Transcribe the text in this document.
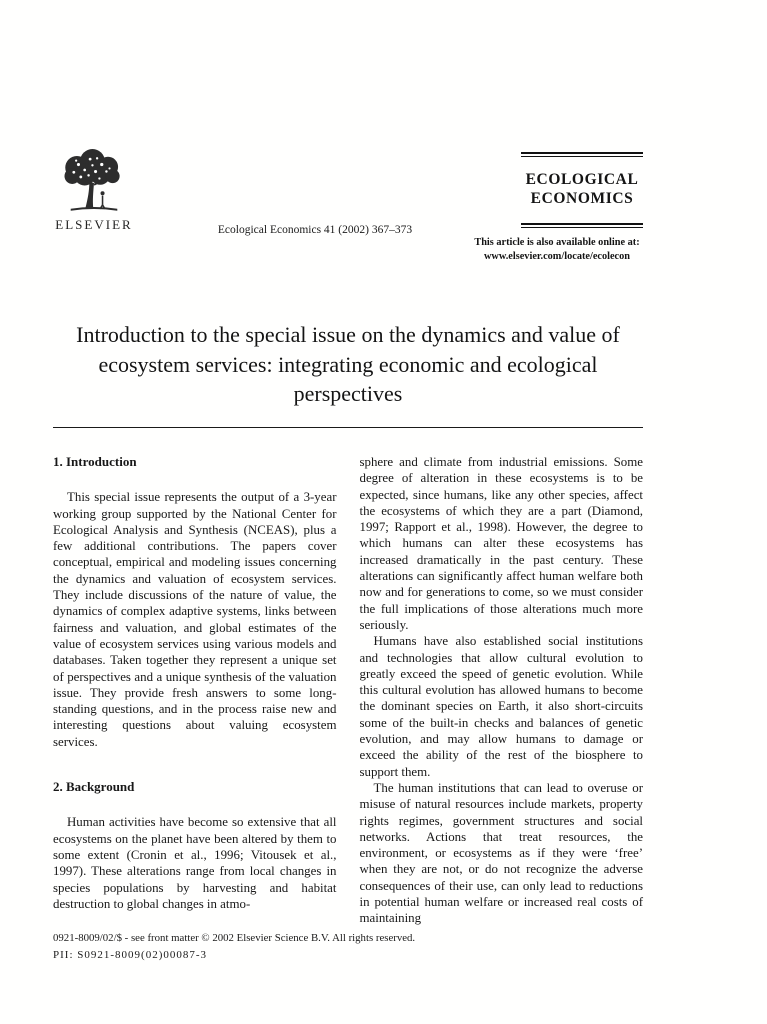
ELSEVIER	Ecological Economics 41 (2002) 367–373
ECOLOGICAL
ECONOMICS
This article is also available online at:
www.elsevier.com/locate/ecolecon
Introduction to the special issue on the dynamics and value of ecosystem services: integrating economic and ecological perspectives
1. Introduction

This special issue represents the output of a 3-year working group supported by the National Center for Ecological Analysis and Synthesis (NCEAS), plus a few additional contributions. The papers cover conceptual, empirical and modeling issues concerning the dynamics and valuation of ecosystem services. They include discussions of the nature of value, the dynamics of complex adaptive systems, links between fairness and valuation, and global estimates of the value of ecosystem services using various models and databases. Taken together they represent a unique set of perspectives and a unique synthesis of the valuation issue. They provide fresh answers to some long-standing questions, and in the process raise new and interesting questions about valuing ecosystem services.

2. Background

Human activities have become so extensive that all ecosystems on the planet have been altered by them to some extent (Cronin et al., 1996; Vitousek et al., 1997). These alterations range from local changes in species populations by harvesting and habitat destruction to global changes in atmo-

sphere and climate from industrial emissions. Some degree of alteration in these ecosystems is to be expected, since humans, like any other species, affect the ecosystems of which they are a part (Diamond, 1997; Rapport et al., 1998). However, the degree to which humans can alter these ecosystems has increased dramatically in the past century. These alterations can significantly affect human welfare both now and for generations to come, so we must consider the full implications of those alterations much more seriously.

Humans have also established social institutions and technologies that allow cultural evolution to greatly exceed the speed of genetic evolution. While this cultural evolution has allowed humans to become the dominant species on Earth, it also short-circuits some of the built-in checks and balances of genetic evolution, and may allow humans to damage or exceed the ability of the rest of the biosphere to support them.

The human institutions that can lead to overuse or misuse of natural resources include markets, property rights regimes, government structures and social networks. Actions that treat resources, the environment, or ecosystems as if they were ‘free’ when they are not, or do not recognize the adverse consequences of their use, can only lead to reductions in potential human welfare or increased real costs of maintaining

0921-8009/02/$ - see front matter © 2002 Elsevier Science B.V. All rights reserved.
PII: S0921-8009(02)00087-3
